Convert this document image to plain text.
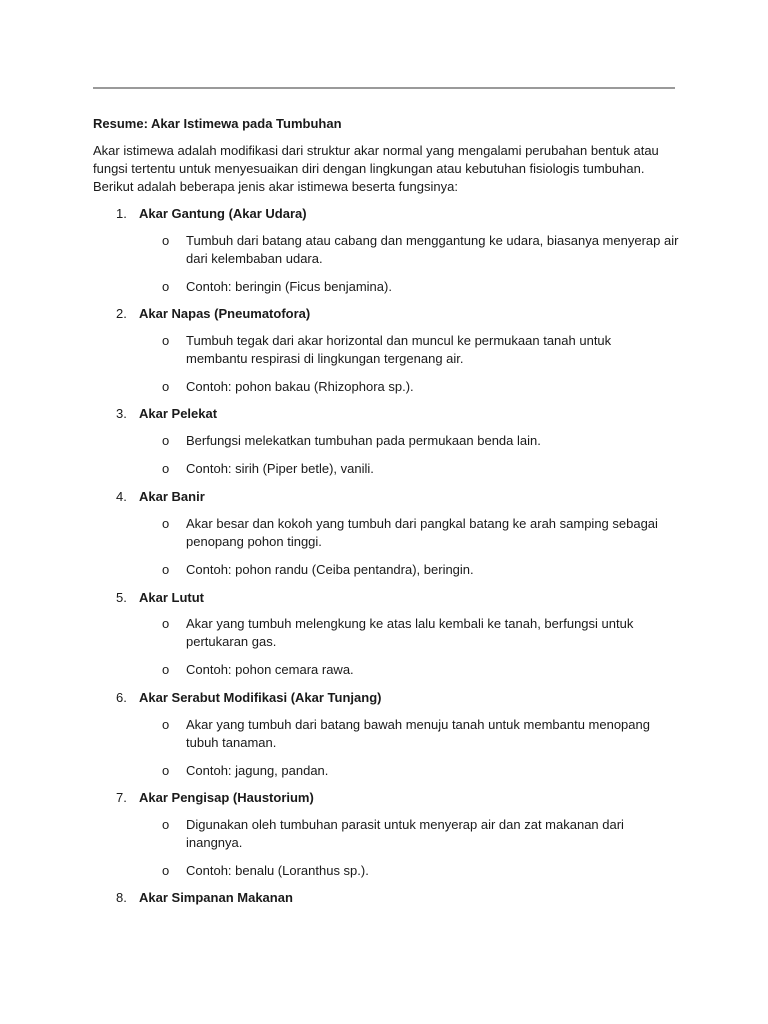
Resume: Akar Istimewa pada Tumbuhan
Akar istimewa adalah modifikasi dari struktur akar normal yang mengalami perubahan bentuk atau
fungsi tertentu untuk menyesuaikan diri dengan lingkungan atau kebutuhan fisiologis tumbuhan.
Berikut adalah beberapa jenis akar istimewa beserta fungsinya:
1. Akar Gantung (Akar Udara)
o	Tumbuh dari batang atau cabang dan menggantung ke udara, biasanya menyerap air
dari kelembaban udara.
o	Contoh: beringin (Ficus benjamina).
2. Akar Napas (Pneumatofora)
o	Tumbuh tegak dari akar horizontal dan muncul ke permukaan tanah untuk
membantu respirasi di lingkungan tergenang air.
o	Contoh: pohon bakau (Rhizophora sp.).
3. Akar Pelekat
o	Berfungsi melekatkan tumbuhan pada permukaan benda lain.
o	Contoh: sirih (Piper betle), vanili.
4. Akar Banir
o	Akar besar dan kokoh yang tumbuh dari pangkal batang ke arah samping sebagai
penopang pohon tinggi.
o	Contoh: pohon randu (Ceiba pentandra), beringin.
5. Akar Lutut
o	Akar yang tumbuh melengkung ke atas lalu kembali ke tanah, berfungsi untuk
pertukaran gas.
o	Contoh: pohon cemara rawa.
6. Akar Serabut Modifikasi (Akar Tunjang)
o	Akar yang tumbuh dari batang bawah menuju tanah untuk membantu menopang
tubuh tanaman.
o	Contoh: jagung, pandan.
7. Akar Pengisap (Haustorium)
o	Digunakan oleh tumbuhan parasit untuk menyerap air dan zat makanan dari
inangnya.
o	Contoh: benalu (Loranthus sp.).
8. Akar Simpanan Makanan
